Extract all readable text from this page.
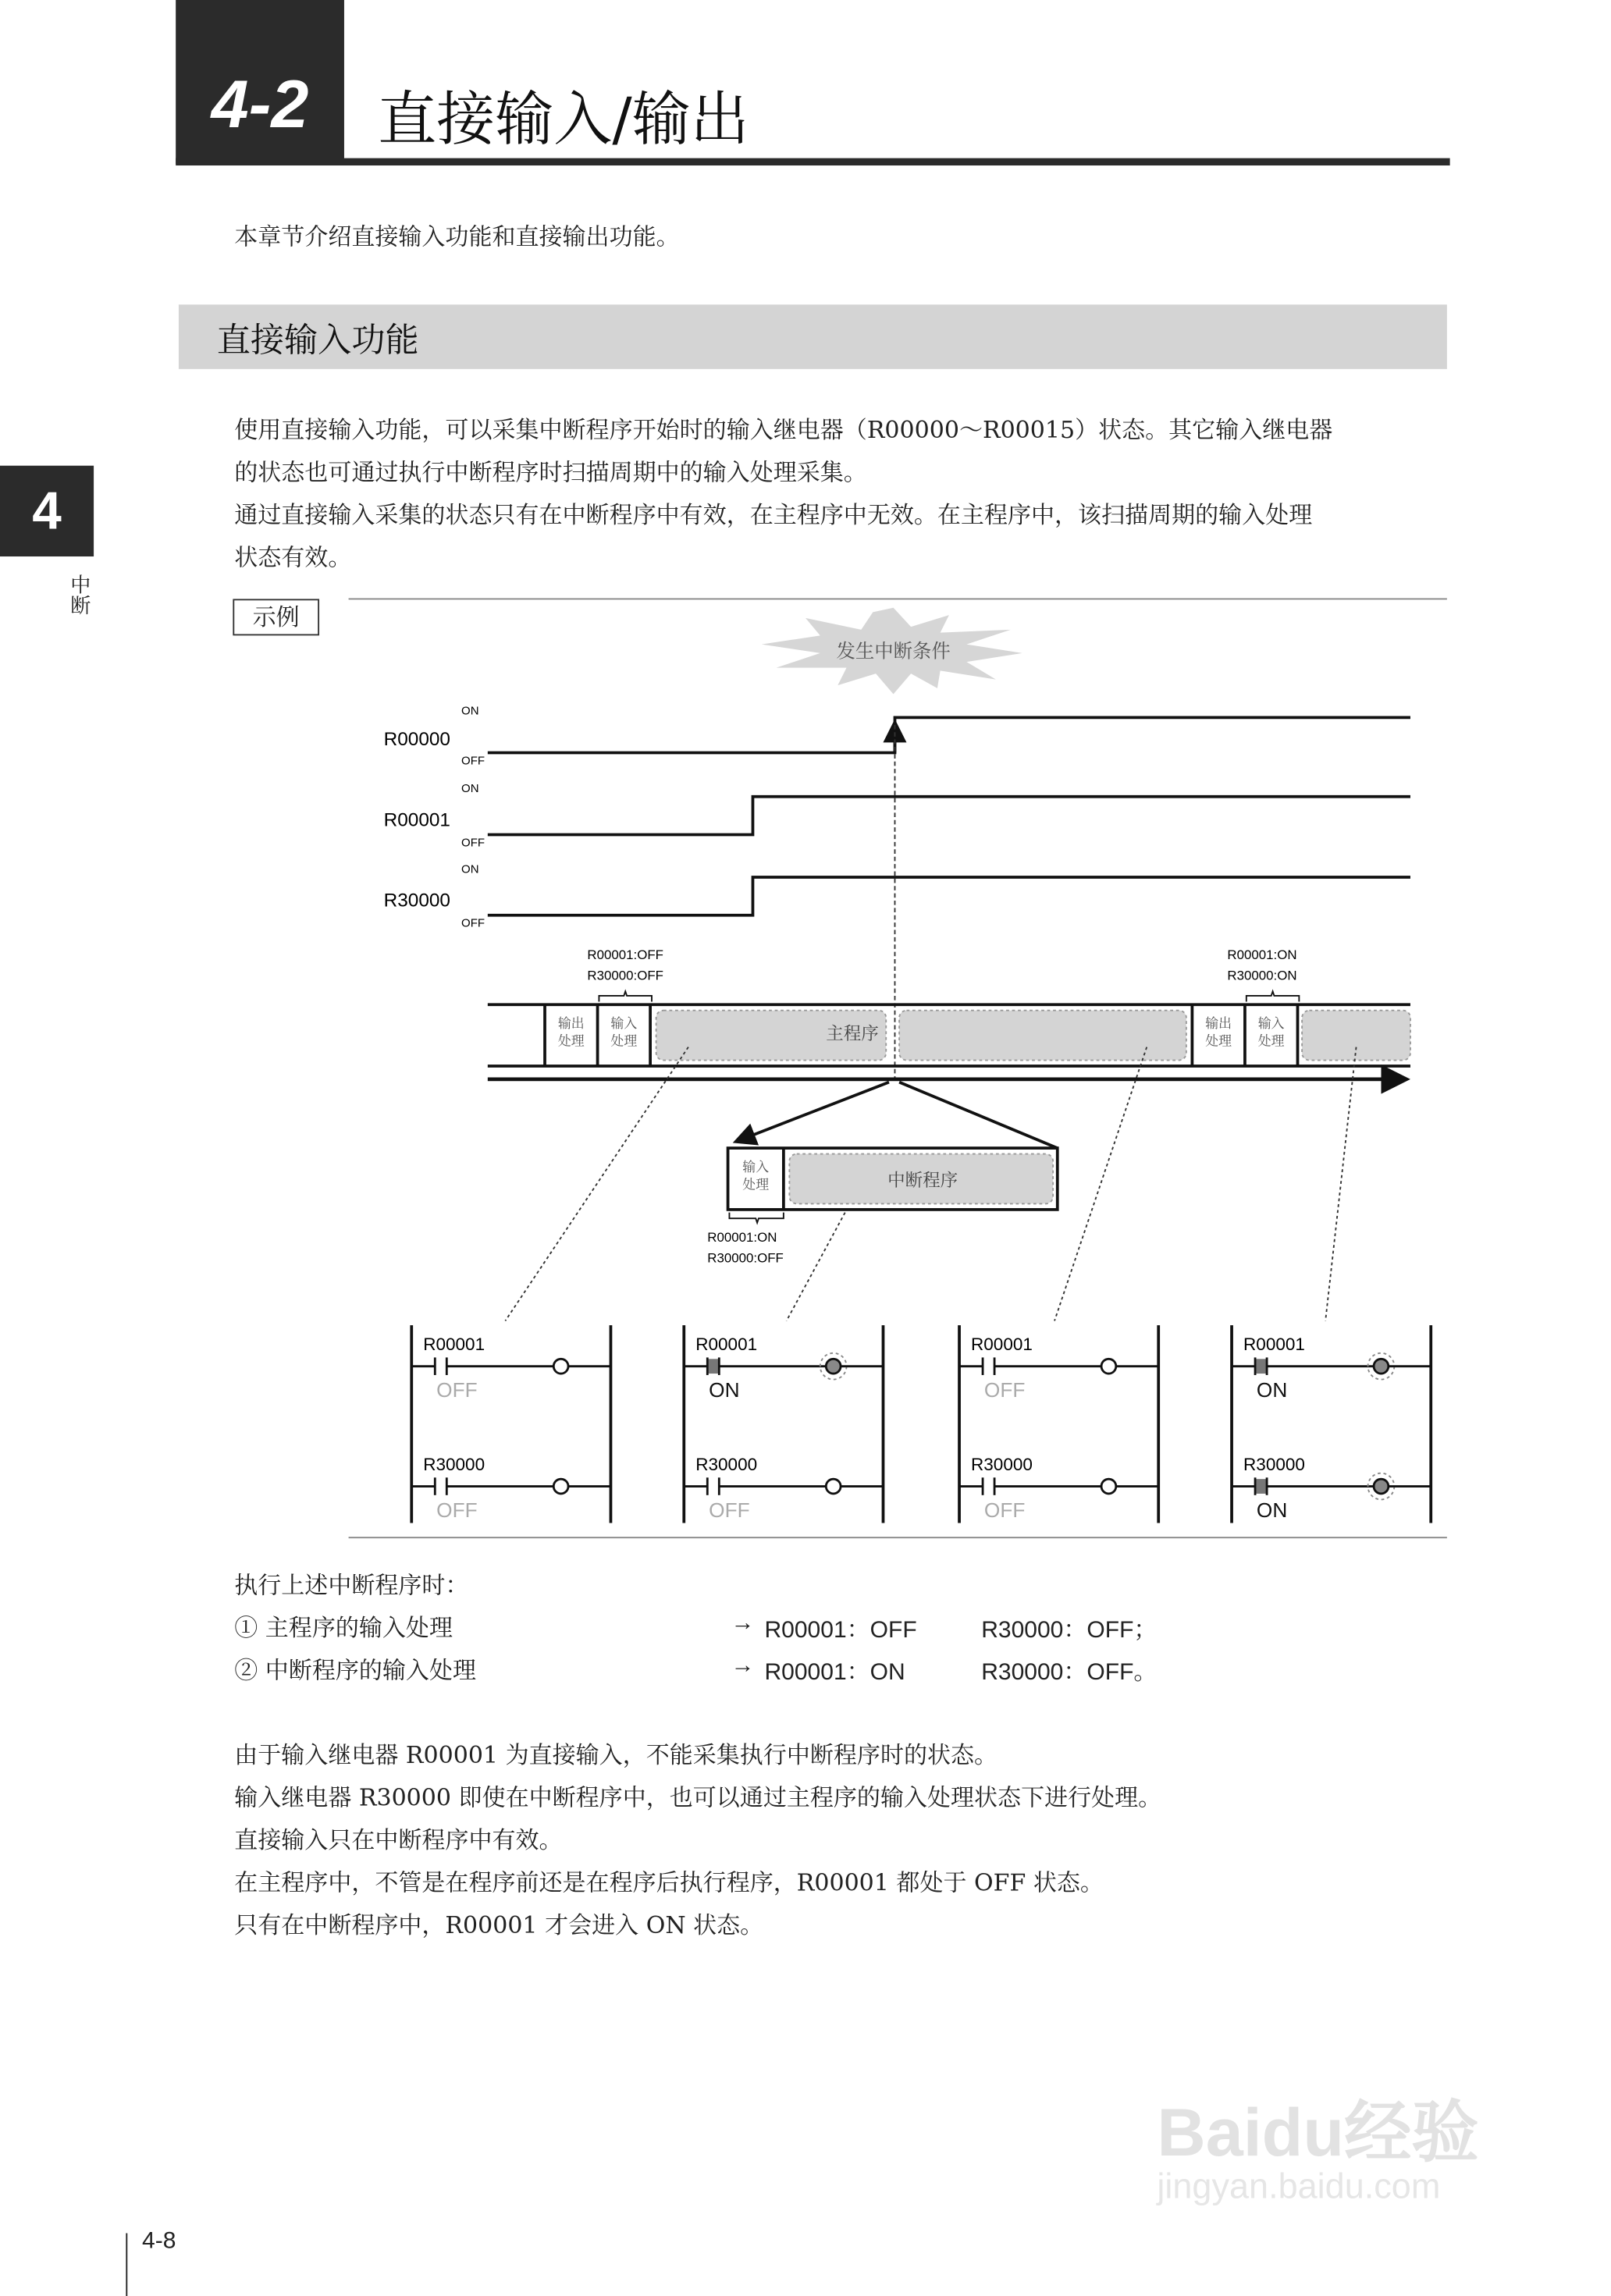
4-2	直接输入/输出
本章节介绍直接输入功能和直接输出功能。
直接输入功能
使用直接输入功能，可以采集中断程序开始时的输入继电器（R00000～R00015）状态。其它输入继电器
的状态也可通过执行中断程序时扫描周期中的输入处理采集。
通过直接输入采集的状态只有在中断程序中有效，在主程序中无效。在主程序中，该扫描周期的输入处理
状态有效。
4
中断
示例
发生中断条件
R00000
ON
OFF
R00001
ON
OFF
R30000
ON
OFF
R00001:OFF
R30000:OFF
R00001:ON
R30000:ON
主程序
中断程序
R00001:ON
R30000:OFF
R00001
OFF
R30000
OFF
R00001
ON
R30000
OFF
R00001
OFF
R30000
OFF
R00001
ON
R30000
ON
输出处理
输入处理
输出处理
输入处理
输入处理
执行上述中断程序时：
① 主程序的输入处理	→ R00001：OFF	R30000：OFF；
② 中断程序的输入处理	→ R00001：ON	R30000：OFF。
由于输入继电器 R00001 为直接输入，不能采集执行中断程序时的状态。
输入继电器 R30000 即使在中断程序中，也可以通过主程序的输入处理状态下进行处理。
直接输入只在中断程序中有效。
在主程序中，不管是在程序前还是在程序后执行程序，R00001 都处于 OFF 状态。
只有在中断程序中，R00001 才会进入 ON 状态。
Baidu经验
jingyan.baidu.com
4-8
